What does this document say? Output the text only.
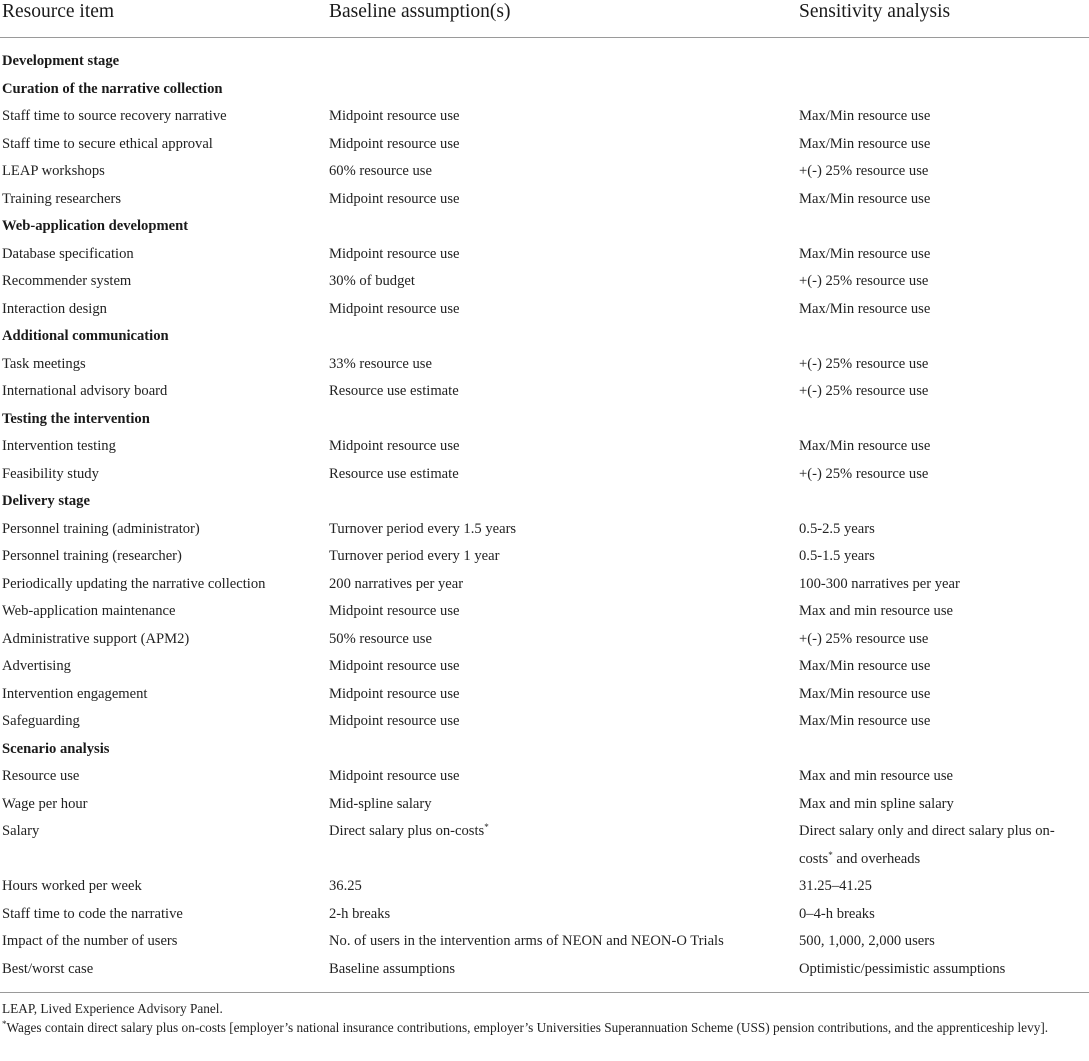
Resource item	Baseline assumption(s)	Sensitivity analysis
Development stage
Curation of the narrative collection
Staff time to source recovery narrative	Midpoint resource use	Max/Min resource use
Staff time to secure ethical approval	Midpoint resource use	Max/Min resource use
LEAP workshops	60% resource use	+(-) 25% resource use
Training researchers	Midpoint resource use	Max/Min resource use
Web-application development
Database specification	Midpoint resource use	Max/Min resource use
Recommender system	30% of budget	+(-) 25% resource use
Interaction design	Midpoint resource use	Max/Min resource use
Additional communication
Task meetings	33% resource use	+(-) 25% resource use
International advisory board	Resource use estimate	+(-) 25% resource use
Testing the intervention
Intervention testing	Midpoint resource use	Max/Min resource use
Feasibility study	Resource use estimate	+(-) 25% resource use
Delivery stage
Personnel training (administrator)	Turnover period every 1.5 years	0.5-2.5 years
Personnel training (researcher)	Turnover period every 1 year	0.5-1.5 years
Periodically updating the narrative collection	200 narratives per year	100-300 narratives per year
Web-application maintenance	Midpoint resource use	Max and min resource use
Administrative support (APM2)	50% resource use	+(-) 25% resource use
Advertising	Midpoint resource use	Max/Min resource use
Intervention engagement	Midpoint resource use	Max/Min resource use
Safeguarding	Midpoint resource use	Max/Min resource use
Scenario analysis
Resource use	Midpoint resource use	Max and min resource use
Wage per hour	Mid-spline salary	Max and min spline salary
Salary	Direct salary plus on-costs*	Direct salary only and direct salary plus on-costs* and overheads
Hours worked per week	36.25	31.25–41.25
Staff time to code the narrative	2-h breaks	0–4-h breaks
Impact of the number of users	No. of users in the intervention arms of NEON and NEON-O Trials	500, 1,000, 2,000 users
Best/worst case	Baseline assumptions	Optimistic/pessimistic assumptions

LEAP, Lived Experience Advisory Panel.

*Wages contain direct salary plus on-costs [employer’s national insurance contributions, employer’s Universities Superannuation Scheme (USS) pension contributions, and the apprenticeship levy].
